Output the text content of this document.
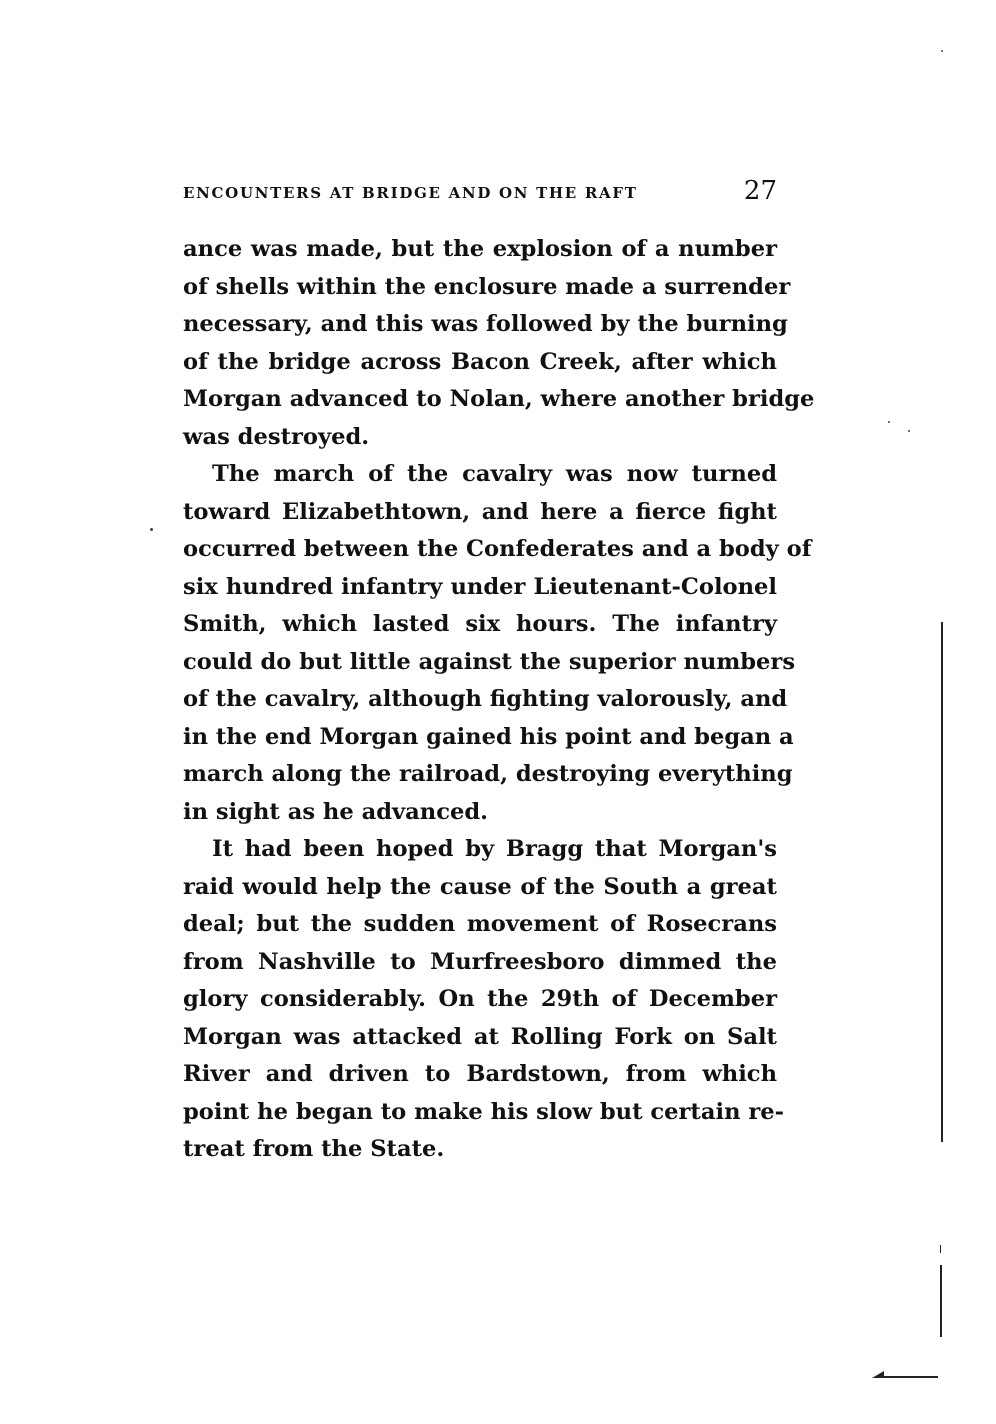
ENCOUNTERS AT BRIDGE AND ON THE RAFT	27
ance was made, but the explosion of a number
of shells within the enclosure made a surrender
necessary, and this was followed by the burning
of the bridge across Bacon Creek, after which
Morgan advanced to Nolan, where another bridge
was destroyed.
The march of the cavalry was now turned
toward Elizabethtown, and here a fierce fight
occurred between the Confederates and a body of
six hundred infantry under Lieutenant-Colonel
Smith, which lasted six hours. The infantry
could do but little against the superior numbers
of the cavalry, although fighting valorously, and
in the end Morgan gained his point and began a
march along the railroad, destroying everything
in sight as he advanced.
It had been hoped by Bragg that Morgan's
raid would help the cause of the South a great
deal; but the sudden movement of Rosecrans
from Nashville to Murfreesboro dimmed the
glory considerably. On the 29th of December
Morgan was attacked at Rolling Fork on Salt
River and driven to Bardstown, from which
point he began to make his slow but certain re-
treat from the State.
